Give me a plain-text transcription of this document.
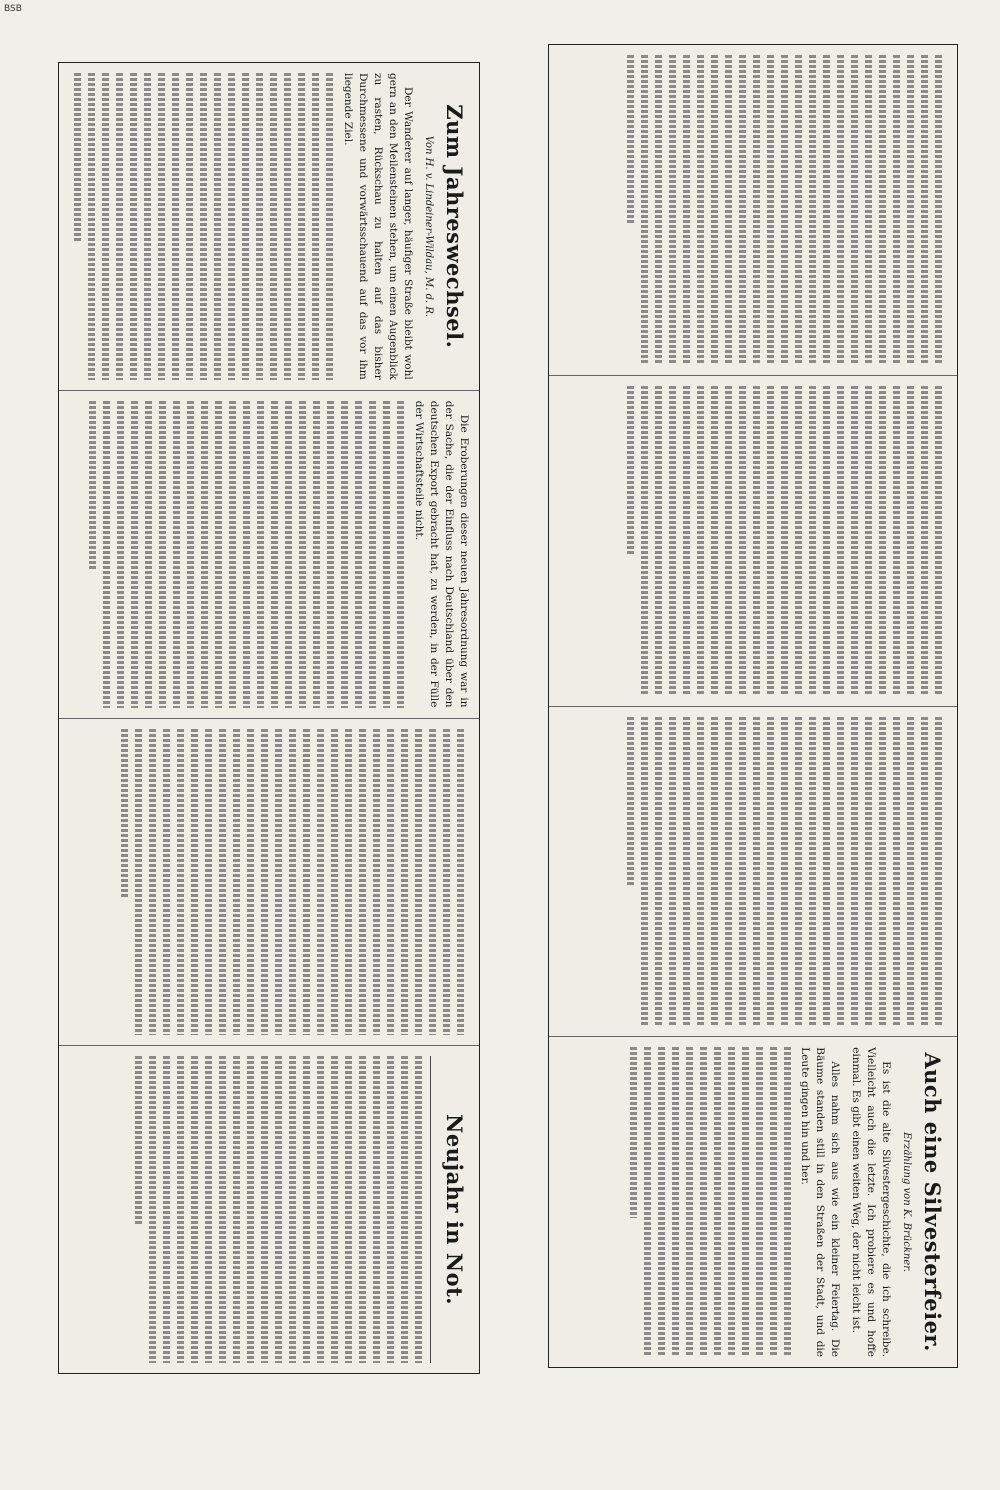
BSB
Zum Jahreswechsel.
Von H. v. Lindeiner-Wildau, M. d. R.

Der Wanderer auf langer, häufiger Straße bleibt wohl gern an den Meilensteinen stehen, um einen Augenblick zu rasten, Rückschau zu halten auf das bisher Durchmessene und vorwärtsschauend auf das vor ihm liegende Ziel.

Die Eroberungen dieser neuen Jahresordnung war in der Sache, die der Einfluss nach Deutschland über den deutschen Export gebracht hat, zu werden, in der Fülle der Wirtschaftsteile nicht.

Neujahr in Not.	Auch eine Silvesterfeier.
Erzählung von K. Brückner.

Es ist die alte Silvestergeschichte, die ich schreibe. Vielleicht auch die letzte. Ich probiere es und hoffe einmal. Es gibt einen weiten Weg, der nicht leicht ist.

Alles nahm sich aus wie ein kleiner Feiertag. Die Bäume standen still in den Straßen der Stadt, und die Leute gingen hin und her.
